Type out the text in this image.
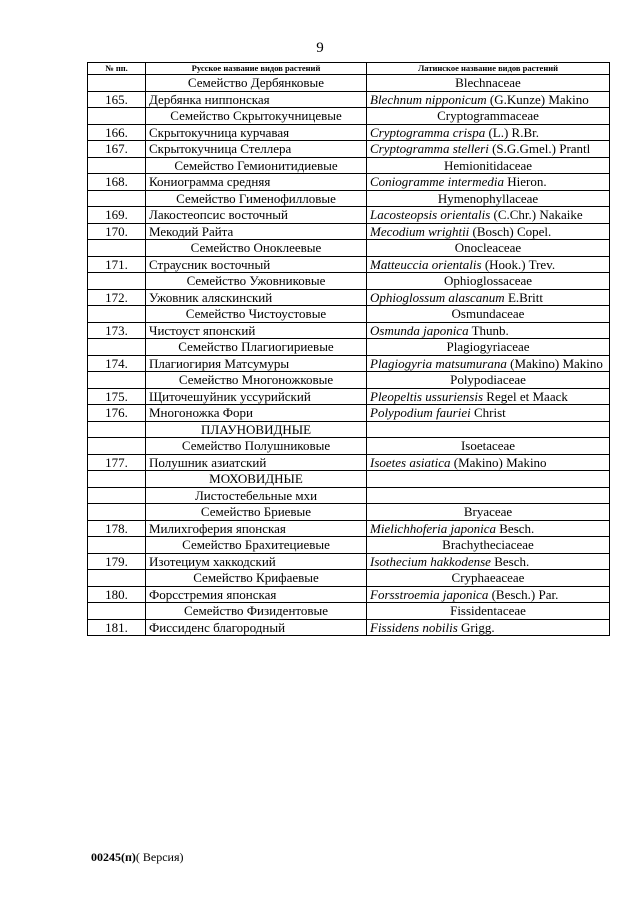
9
№ пп.	Русское название видов растений	Латинское название видов растений
	Семейство Дербянковые	Blechnaceae
165.	Дербянка ниппонская	Blechnum nipponicum (G.Kunze) Makino
	Семейство Скрытокучницевые	Cryptogrammaceae
166.	Скрытокучница курчавая	Cryptogramma crispa (L.) R.Br.
167.	Скрытокучница Стеллера	Cryptogramma stelleri (S.G.Gmel.) Prantl
	Семейство Гемионитидиевые	Hemionitidaceae
168.	Кониограмма средняя	Coniogramme intermedia Hieron.
	Семейство Гименофилловые	Hymenophyllaceae
169.	Лакостеопсис восточный	Lacosteopsis orientalis (C.Chr.) Nakaike
170.	Мекодий Райта	Mecodium wrightii (Bosch) Copel.
	Семейство Оноклеевые	Onocleaceae
171.	Страусник восточный	Matteuccia orientalis (Hook.) Trev.
	Семейство Ужовниковые	Ophioglossaceae
172.	Ужовник аляскинский	Ophioglossum alascanum E.Britt
	Семейство Чистоустовые	Osmundaceae
173.	Чистоуст японский	Osmunda japonica Thunb.
	Семейство Плагиогириевые	Plagiogyriaceae
174.	Плагиогирия Матсумуры	Plagiogyria matsumurana (Makino) Makino
	Семейство Многоножковые	Polypodiaceae
175.	Щиточешуйник уссурийский	Pleopeltis ussuriensis Regel et Maack
176.	Многоножка Фори	Polypodium fauriei Christ
	ПЛАУНОВИДНЫЕ	
	Семейство Полушниковые	Isoetaceae
177.	Полушник азиатский	Isoetes asiatica (Makino) Makino
	МОХОВИДНЫЕ	
	Листостебельные мхи	
	Семейство Бриевые	Bryaceae
178.	Милихгоферия японская	Mielichhoferia japonica Besch.
	Семейство Брахитециевые	Brachytheciaceae
179.	Изотециум хаккодский	Isothecium hakkodense Besch.
	Семейство Крифаевые	Cryphaeaceae
180.	Форсстремия японская	Forsstroemia japonica (Besch.) Par.
	Семейство Физидентовые	Fissidentaceae
181.	Фиссиденс благородный	Fissidens nobilis Grigg.
00245(п)( Версия)
